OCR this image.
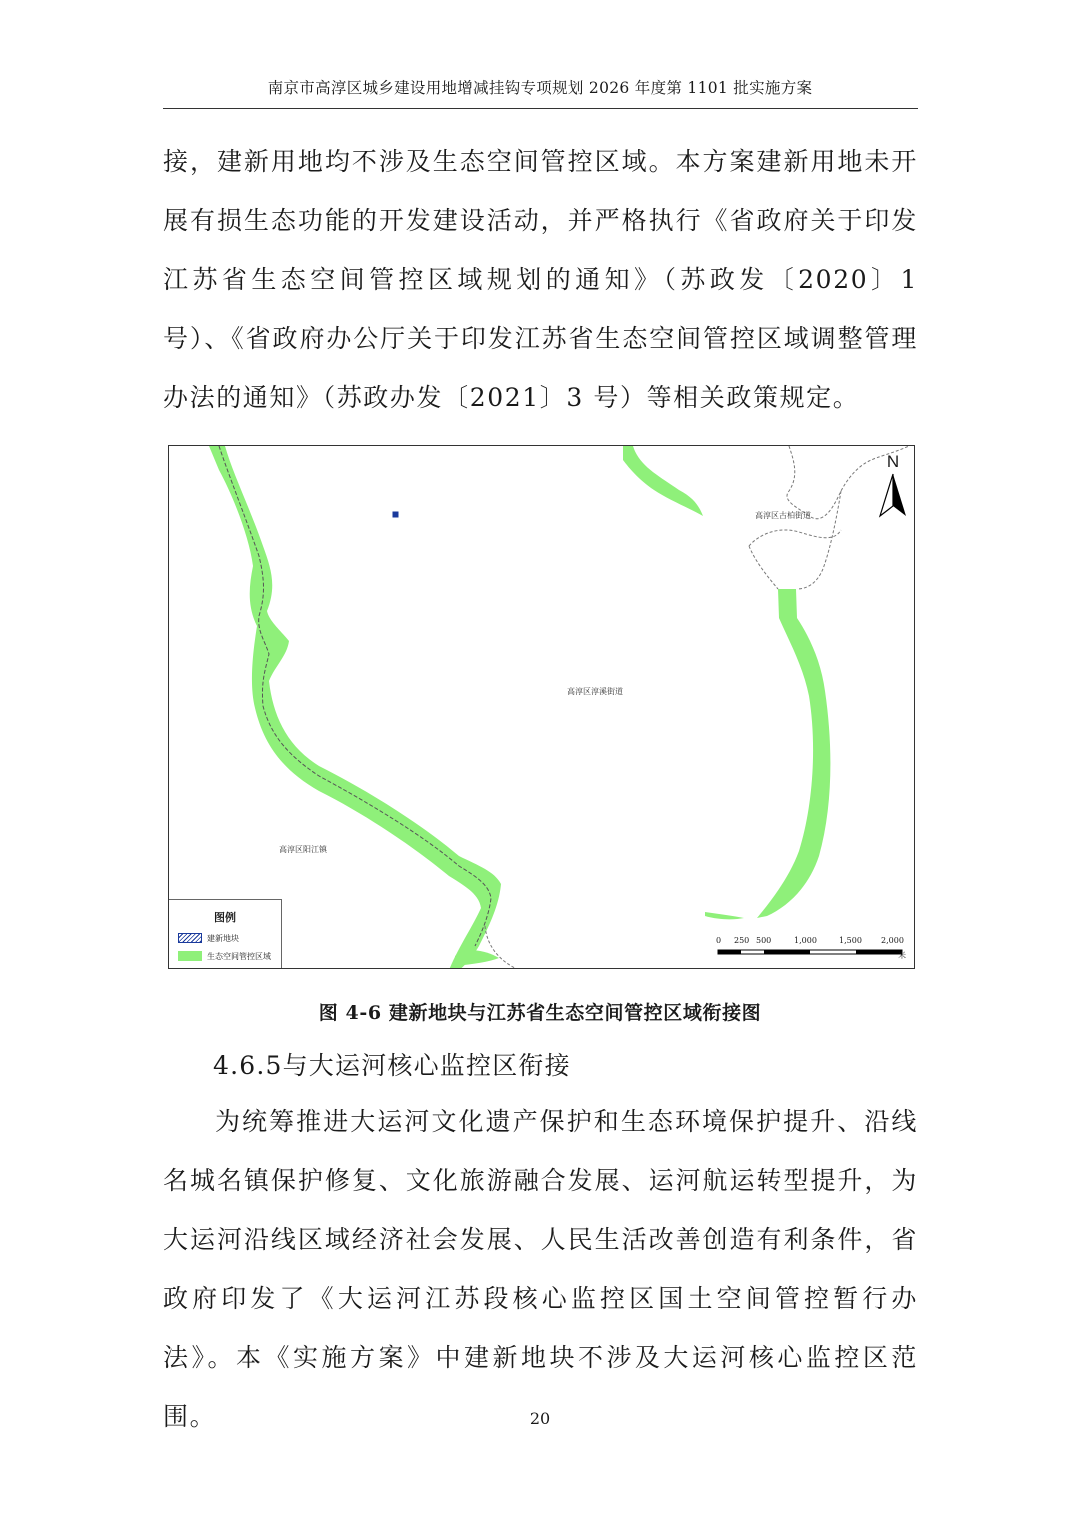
南京市高淳区城乡建设用地增减挂钩专项规划 2026 年度第 1101 批实施方案

接，建新用地均不涉及生态空间管控区域。本方案建新用地未开展有损生态功能的开发建设活动，并严格执行《省政府关于印发江苏省生态空间管控区域规划的通知》（苏政发〔2020〕1 号）、《省政府办公厅关于印发江苏省生态空间管控区域调整管理办法的通知》（苏政办发〔2021〕3 号）等相关政策规定。

高淳区古柏街道
高淳区淳溪街道
高淳区阳江镇
N
图例
建新地块
生态空间管控区域
0 250 500	1,000	1,500 2,000
米
图 4-6 建新地块与江苏省生态空间管控区域衔接图
4.6.5与大运河核心监控区衔接

为统筹推进大运河文化遗产保护和生态环境保护提升、沿线名城名镇保护修复、文化旅游融合发展、运河航运转型提升，为大运河沿线区域经济社会发展、人民生活改善创造有利条件，省政府印发了《大运河江苏段核心监控区国土空间管控暂行办法》。本《实施方案》中建新地块不涉及大运河核心监控区范围。	20
